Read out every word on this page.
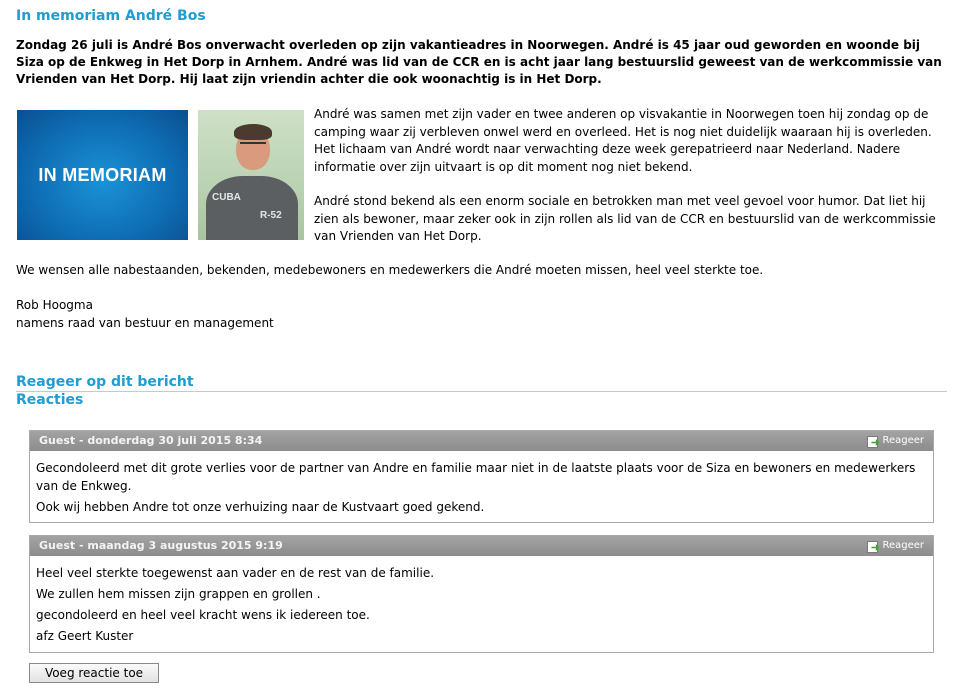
In memoriam André Bos

Zondag 26 juli is André Bos onverwacht overleden op zijn vakantieadres in Noorwegen. André is 45 jaar oud geworden en woonde bij Siza op de Enkweg in Het Dorp in Arnhem. André was lid van de CCR en is acht jaar lang bestuurslid geweest van de werkcommissie van Vrienden van Het Dorp. Hij laat zijn vriendin achter die ook woonachtig is in Het Dorp.

IN MEMORIAM
CUBA
R-52

André was samen met zijn vader en twee anderen op visvakantie in Noorwegen toen hij zondag op de camping waar zij verbleven onwel werd en overleed. Het is nog niet duidelijk waaraan hij is overleden. Het lichaam van André wordt naar verwachting deze week gerepatrieerd naar Nederland. Nadere informatie over zijn uitvaart is op dit moment nog niet bekend.

André stond bekend als een enorm sociale en betrokken man met veel gevoel voor humor. Dat liet hij zien als bewoner, maar zeker ook in zijn rollen als lid van de CCR en bestuurslid van de werkcommissie van Vrienden van Het Dorp.

We wensen alle nabestaanden, bekenden, medebewoners en medewerkers die André moeten missen, heel veel sterkte toe.

Rob Hoogma
namens raad van bestuur en management

Reageer op dit bericht
Reacties
Guest - donderdag 30 juli 2015 8:34	Reageer

Gecondoleerd met dit grote verlies voor de partner van Andre en familie maar niet in de laatste plaats voor de Siza en bewoners en medewerkers van de Enkweg.

Ook wij hebben Andre tot onze verhuizing naar de Kustvaart goed gekend.

Guest - maandag 3 augustus 2015 9:19	Reageer

Heel veel sterkte toegewenst aan vader en de rest van de familie.

We zullen hem missen zijn grappen en grollen .

gecondoleerd en heel veel kracht wens ik iedereen toe.

afz Geert Kuster

Voeg reactie toe
